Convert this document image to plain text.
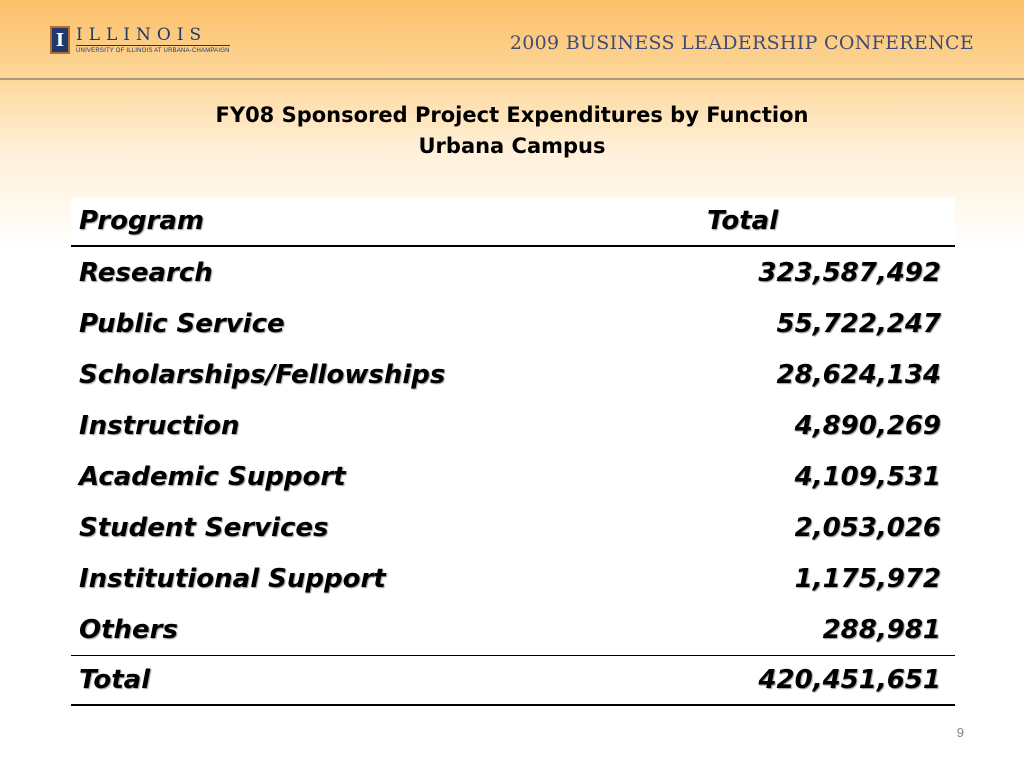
I ILLINOIS
UNIVERSITY OF ILLINOIS AT URBANA-CHAMPAIGN	2009 BUSINESS LEADERSHIP CONFERENCE
FY08 Sponsored Project Expenditures by Function
Urbana Campus
Program	Total
Research	323,587,492
Public Service	55,722,247
Scholarships/Fellowships	28,624,134
Instruction	4,890,269
Academic Support	4,109,531
Student Services	2,053,026
Institutional Support	1,175,972
Others	288,981
Total	420,451,651
9
